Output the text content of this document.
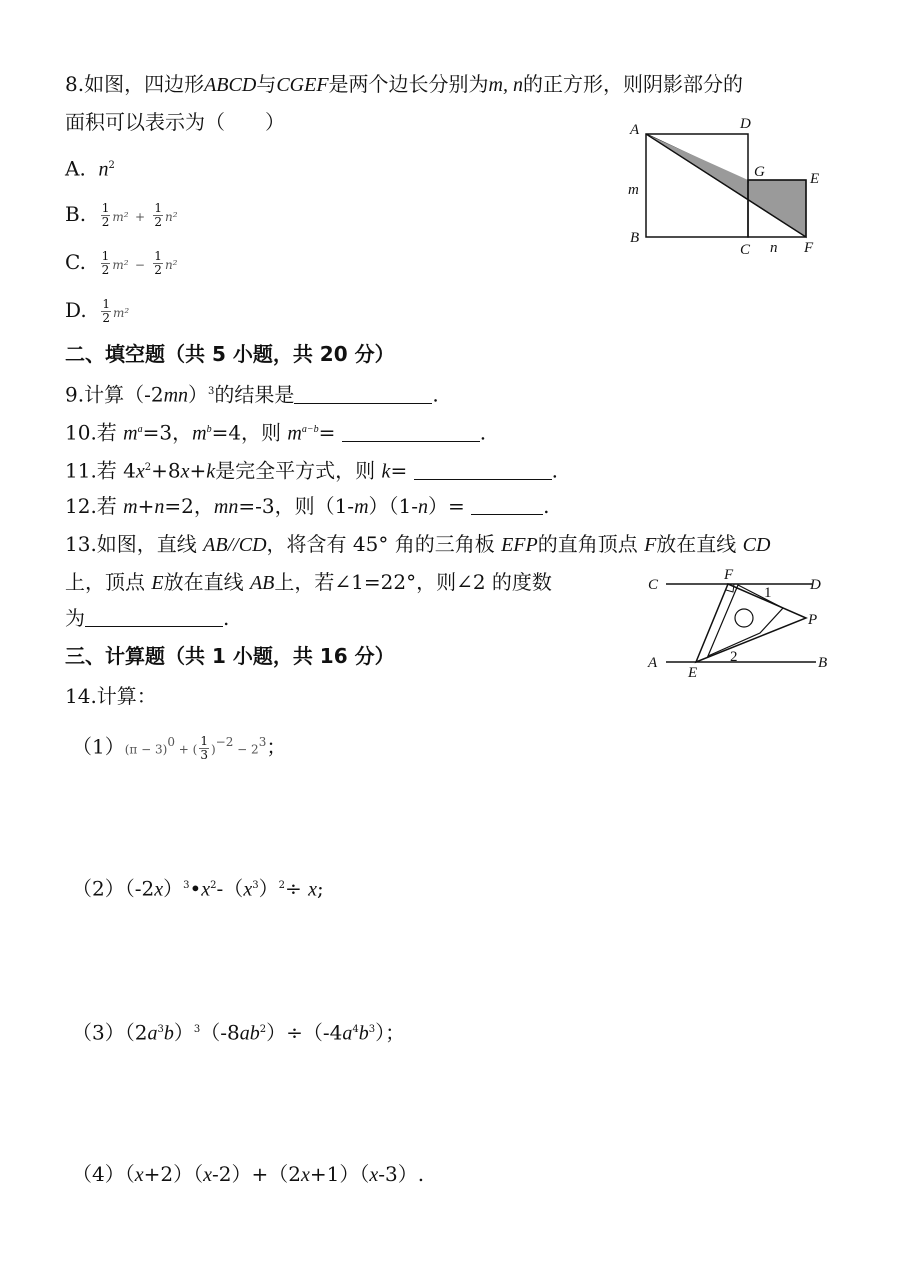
8.如图，四边形ABCD与CGEF是两个边长分别为m, n的正方形，则阴影部分的
面积可以表示为（　　）
A. $n^2$
B. $\frac{1}{2} m^2 + \frac{1}{2} n^2$
C. $\frac{1}{2} m^2 - \frac{1}{2} n^2$
D. $\frac{1}{2} m^2$
A	D
G	E
m
B
C n F
二、填空题（共 5 小题，共 20 分）
9.计算$(-2mn)^3$的结果是	.
10.若 $m^a=3$，$m^b=4$，则 $m^{a-b}=$	.
11.若 $4x^2+8x+k$是完全平方式，则 k=	.
12.若 m+n=2，mn=-3，则（1-m）（1-n）=	.
13.如图，直线 AB//CD，将含有 45° 角的三角板 EFP的直角顶点 F放在直线 CD
上，顶点 E放在直线 AB上，若∠1=22°，则∠2 的度数
为	.
C
F
1	D
P
A
E
2	B
三、计算题（共 1 小题，共 16 分）
14.计算：
$(1)(\pi - 3)^0$ + ( $\frac{1}{3} )^{-2} - 2^3$；
$(2)(-2x)^3•x^2-(x^3)^2\div x$;
$(3)(2a^3b)^3(-8ab^2)\div(-4a^4b^3)$；
（4）（x+2）（x-2）+（2x+1）（x-3）.
